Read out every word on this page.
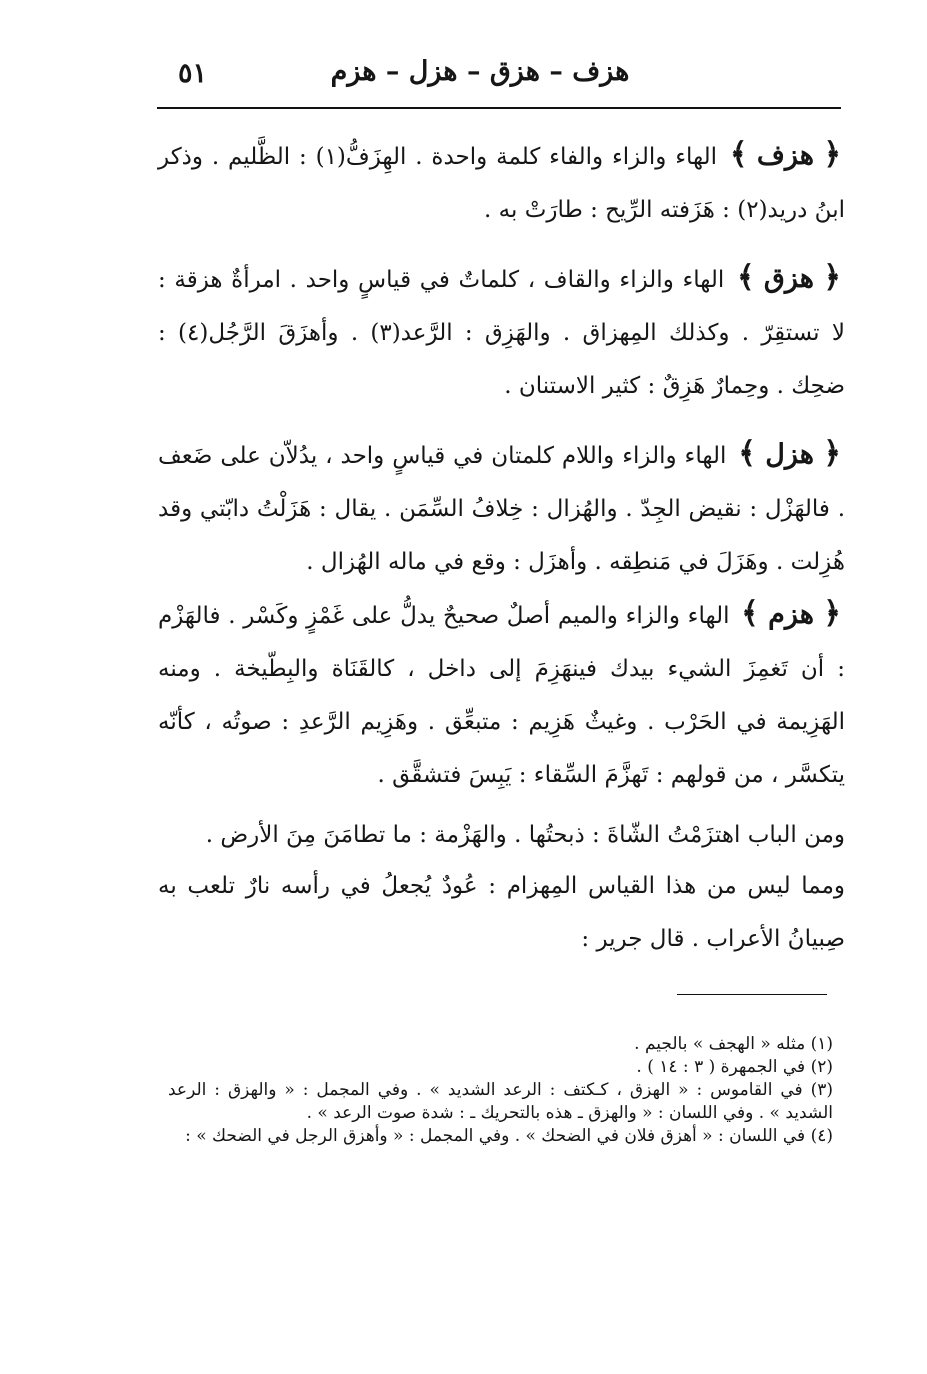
٥١	هزف – هزق – هزل – هزم

﴿ هزف ﴾ الهاء والزاء والفاء كلمة واحدة . الهِزَفُّ(١) : الظَّليم . وذكر ابنُ دريد(٢) : هَزَفته الرِّيح : طارَتْ به .

﴿ هزق ﴾ الهاء والزاء والقاف ، كلماتٌ في قياسٍ واحد . امرأةٌ هزقة : لا تستقِرّ . وكذلك المِهزاق . والهَزِق : الرَّعد(٣) . وأهزَقَ الرَّجُل(٤) : ضحِك . وحِمارٌ هَزِقٌ : كثير الاستنان .

﴿ هزل ﴾ الهاء والزاء واللام كلمتان في قياسٍ واحد ، يدُلاّن على ضَعف . فالهَزْل : نقيض الجِدّ . والهُزال : خِلافُ السِّمَن . يقال : هَزَلْتُ دابّتي وقد هُزِلت . وهَزَلَ في مَنطِقه . وأهزَل : وقع في ماله الهُزال .

﴿ هزم ﴾ الهاء والزاء والميم أصلٌ صحيحٌ يدلُّ على غَمْزٍ وكَسْر . فالهَزْم : أن تَغمِزَ الشيء بيدك فينهَزِمَ إلى داخل ، كالقَنَاة والبِطّيخة . ومنه الهَزِيمة في الحَرْب . وغيثٌ هَزِيم : متبعِّق . وهَزِيم الرَّعدِ : صوتُه ، كأنّه يتكسَّر ، من قولهم : تَهزَّمَ السِّقاء : يَبِسَ فتشقَّق .

ومن الباب اهتزَمْتُ الشّاةَ : ذبحتُها . والهَزْمة : ما تطامَنَ مِنَ الأرض .

ومما ليس من هذا القياس المِهزام : عُودٌ يُجعلُ في رأسه نارٌ تلعب به صِبيانُ الأعراب . قال جرير :

(١) مثله « الهجف » بالجيم .

(٢) في الجمهرة ( ٣ : ١٤ ) .

(٣) في القاموس : « الهزق ، كـكتف : الرعد الشديد » . وفي المجمل : « والهزق : الرعد الشديد » . وفي اللسان : « والهزق ـ هذه بالتحريك ـ : شدة صوت الرعد » .

(٤) في اللسان : « أهزق فلان في الضحك » . وفي المجمل : « وأهزق الرجل في الضحك » :
